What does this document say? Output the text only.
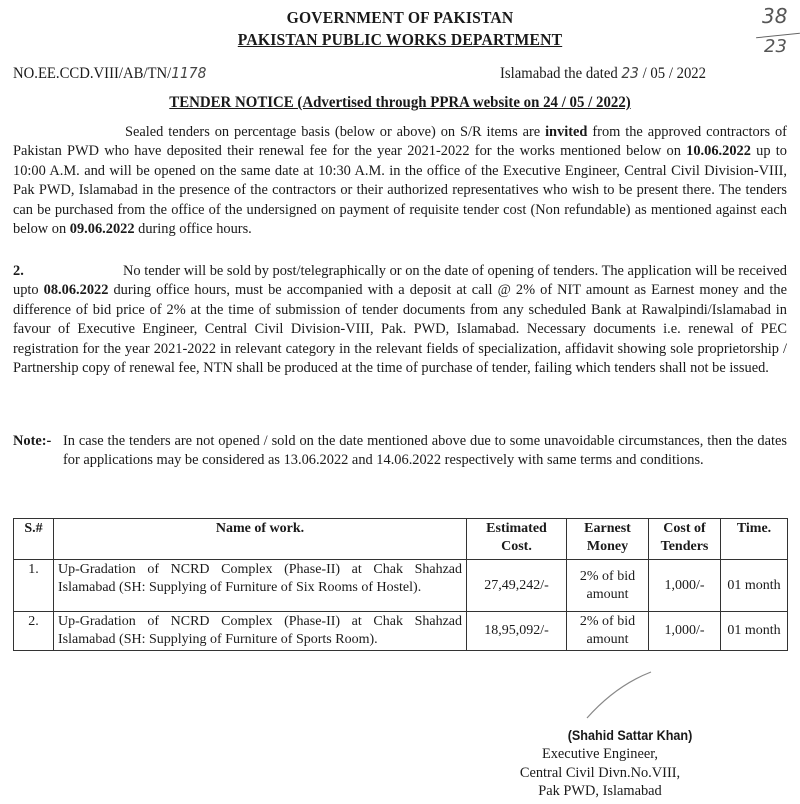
GOVERNMENT OF PAKISTAN
PAKISTAN PUBLIC WORKS DEPARTMENT
38
23
NO.EE.CCD.VIII/AB/TN/1178	Islamabad the dated 23 / 05 / 2022
TENDER NOTICE (Advertised through PPRA website on 24 / 05 / 2022)
Sealed tenders on percentage basis (below or above) on S/R items are invited from the approved contractors of Pakistan PWD who have deposited their renewal fee for the year 2021-2022 for the works mentioned below on 10.06.2022 up to 10:00 A.M. and will be opened on the same date at 10:30 A.M. in the office of the Executive Engineer, Central Civil Division-VIII, Pak PWD, Islamabad in the presence of the contractors or their authorized representatives who wish to be present there. The tenders can be purchased from the office of the undersigned on payment of requisite tender cost (Non refundable) as mentioned against each below on 09.06.2022 during office hours.
2.	No tender will be sold by post/telegraphically or on the date of opening of tenders. The application will be received upto 08.06.2022 during office hours, must be accompanied with a deposit at call @ 2% of NIT amount as Earnest money and the difference of bid price of 2% at the time of submission of tender documents from any scheduled Bank at Rawalpindi/Islamabad in favour of Executive Engineer, Central Civil Division-VIII, Pak. PWD, Islamabad. Necessary documents i.e. renewal of PEC registration for the year 2021-2022 in relevant category in the relevant fields of specialization, affidavit showing sole proprietorship / Partnership copy of renewal fee, NTN shall be produced at the time of purchase of tender, failing which tenders shall not be issued.
Note:- In case the tenders are not opened / sold on the date mentioned above due to some unavoidable circumstances, then the dates for applications may be considered as 13.06.2022 and 14.06.2022 respectively with same terms and conditions.
S.#	Name of work.	Estimated Cost.	Earnest Money	Cost of Tenders	Time.
1.	Up-Gradation of NCRD Complex (Phase-II) at Chak Shahzad Islamabad (SH: Supplying of Furniture of Six Rooms of Hostel).	27,49,242/-	2% of bid amount	1,000/-	01 month
2.	Up-Gradation of NCRD Complex (Phase-II) at Chak Shahzad Islamabad (SH: Supplying of Furniture of Sports Room).	18,95,092/-	2% of bid amount	1,000/-	01 month
(Shahid Sattar Khan)
Executive Engineer,
Central Civil Divn.No.VIII,
Pak PWD, Islamabad
